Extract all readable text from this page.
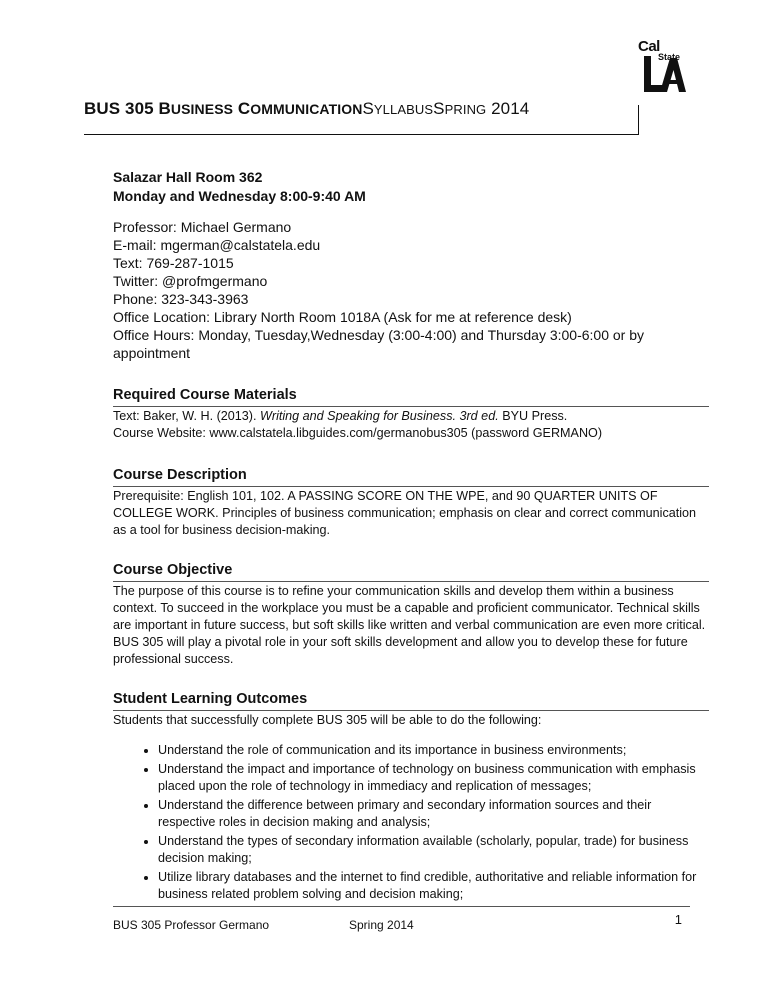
Cal
State
BUS 305 BUSINESS COMMUNICATIONSYLLABUSSPRING 2014
Salazar Hall Room 362
Monday and Wednesday 8:00-9:40 AM
Professor: Michael Germano
E-mail: mgerman@calstatela.edu
Text: 769-287-1015
Twitter: @profmgermano
Phone: 323-343-3963
Office Location: Library North Room 1018A (Ask for me at reference desk)
Office Hours: Monday, Tuesday,Wednesday (3:00-4:00) and Thursday 3:00-6:00 or by appointment
Required Course Materials

Text: Baker, W. H. (2013). Writing and Speaking for Business. 3rd ed. BYU Press.

Course Website: www.calstatela.libguides.com/germanobus305 (password GERMANO)

Course Description

Prerequisite: English 101, 102. A PASSING SCORE ON THE WPE, and 90 QUARTER UNITS OF COLLEGE WORK. Principles of business communication; emphasis on clear and correct communication as a tool for business decision-making.

Course Objective

The purpose of this course is to refine your communication skills and develop them within a business context. To succeed in the workplace you must be a capable and proficient communicator. Technical skills are important in future success, but soft skills like written and verbal communication are even more critical. BUS 305 will play a pivotal role in your soft skills development and allow you to develop these for future professional success.

Student Learning Outcomes

Students that successfully complete BUS 305 will be able to do the following:

• Understand the role of communication and its importance in business environments;
• Understand the impact and importance of technology on business communication with emphasis placed upon the role of technology in immediacy and replication of messages;
• Understand the difference between primary and secondary information sources and their respective roles in decision making and analysis;
• Understand the types of secondary information available (scholarly, popular, trade) for business decision making;
• Utilize library databases and the internet to find credible, authoritative and reliable information for business related problem solving and decision making;
BUS 305 Professor Germano	Spring 2014	1
